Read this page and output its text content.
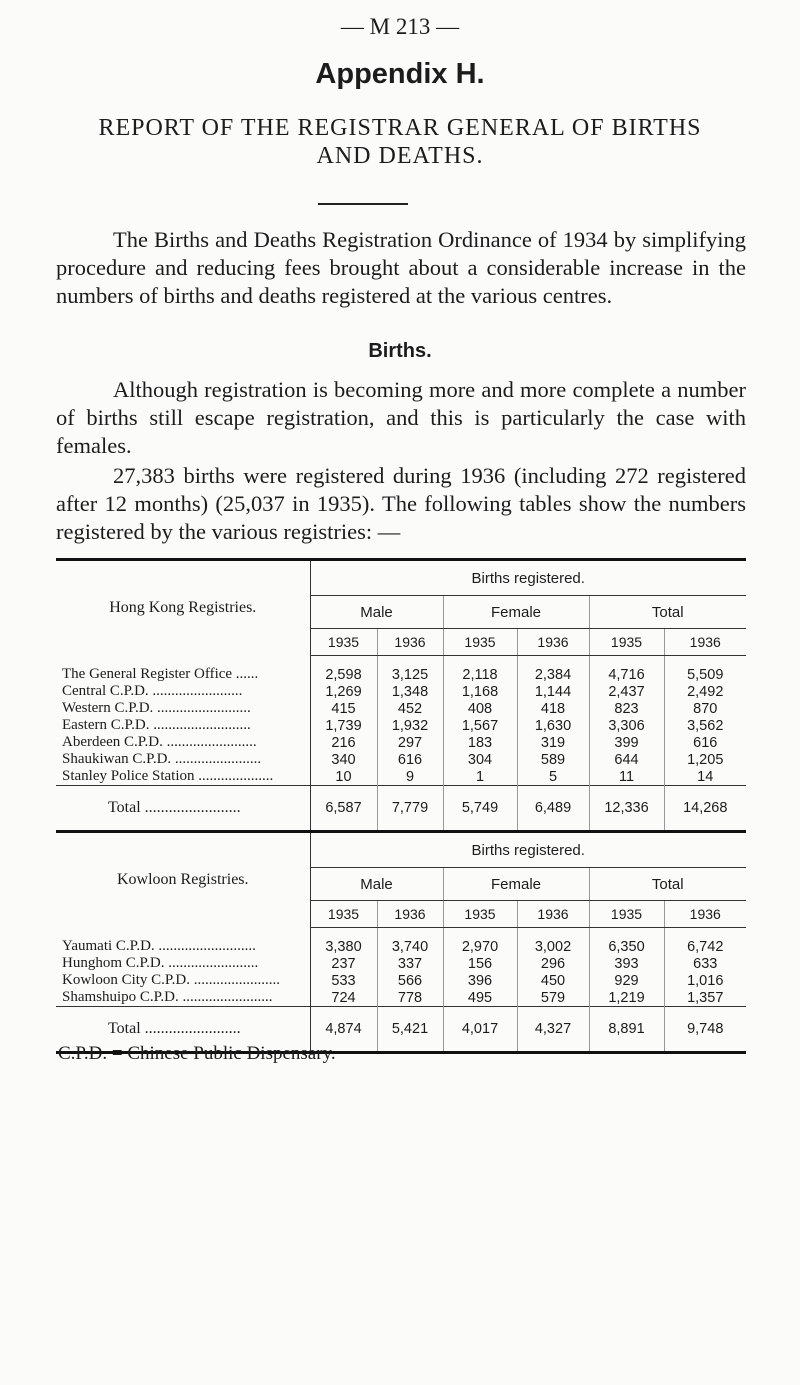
— M 213 —
Appendix H.
REPORT OF THE REGISTRAR GENERAL OF BIRTHS
AND DEATHS.

The Births and Deaths Registration Ordinance of 1934 by simplifying procedure and reducing fees brought about a considerable increase in the numbers of births and deaths registered at the various centres.

Births.

Although registration is becoming more and more complete a number of births still escape registration, and this is particularly the case with females.

27,383 births were registered during 1936 (including 272 registered after 12 months) (25,037 in 1935). The following tables show the numbers registered by the various registries: —

Hong Kong Registries.	Births registered.					
	Male		Female		Total	
	1935	1936	1935	1936	1935	1936

The General Register Office ......	2,598	3,125	2,118	2,384	4,716	5,509
Central C.P.D. ........................	1,269	1,348	1,168	1,144	2,437	2,492
Western C.P.D. .........................	415	452	408	418	823	870
Eastern C.P.D. ..........................	1,739	1,932	1,567	1,630	3,306	3,562
Aberdeen C.P.D. ........................	216	297	183	319	399	616
Shaukiwan C.P.D. .......................	340	616	304	589	644	1,205
Stanley Police Station ....................	10	9	1	5	11	14
Total ........................	6,587	7,779	5,749	6,489	12,336	14,268
Kowloon Registries.	Births registered.					
	Male		Female		Total	
	1935	1936	1935	1936	1935	1936

Yaumati C.P.D. ..........................	3,380	3,740	2,970	3,002	6,350	6,742
Hunghom C.P.D. ........................	237	337	156	296	393	633
Kowloon City C.P.D. .......................	533	566	396	450	929	1,016
Shamshuipo C.P.D. ........................	724	778	495	579	1,219	1,357
Total ........................	4,874	5,421	4,017	4,327	8,891	9,748

C.P.D. = Chinese Public Dispensary.
